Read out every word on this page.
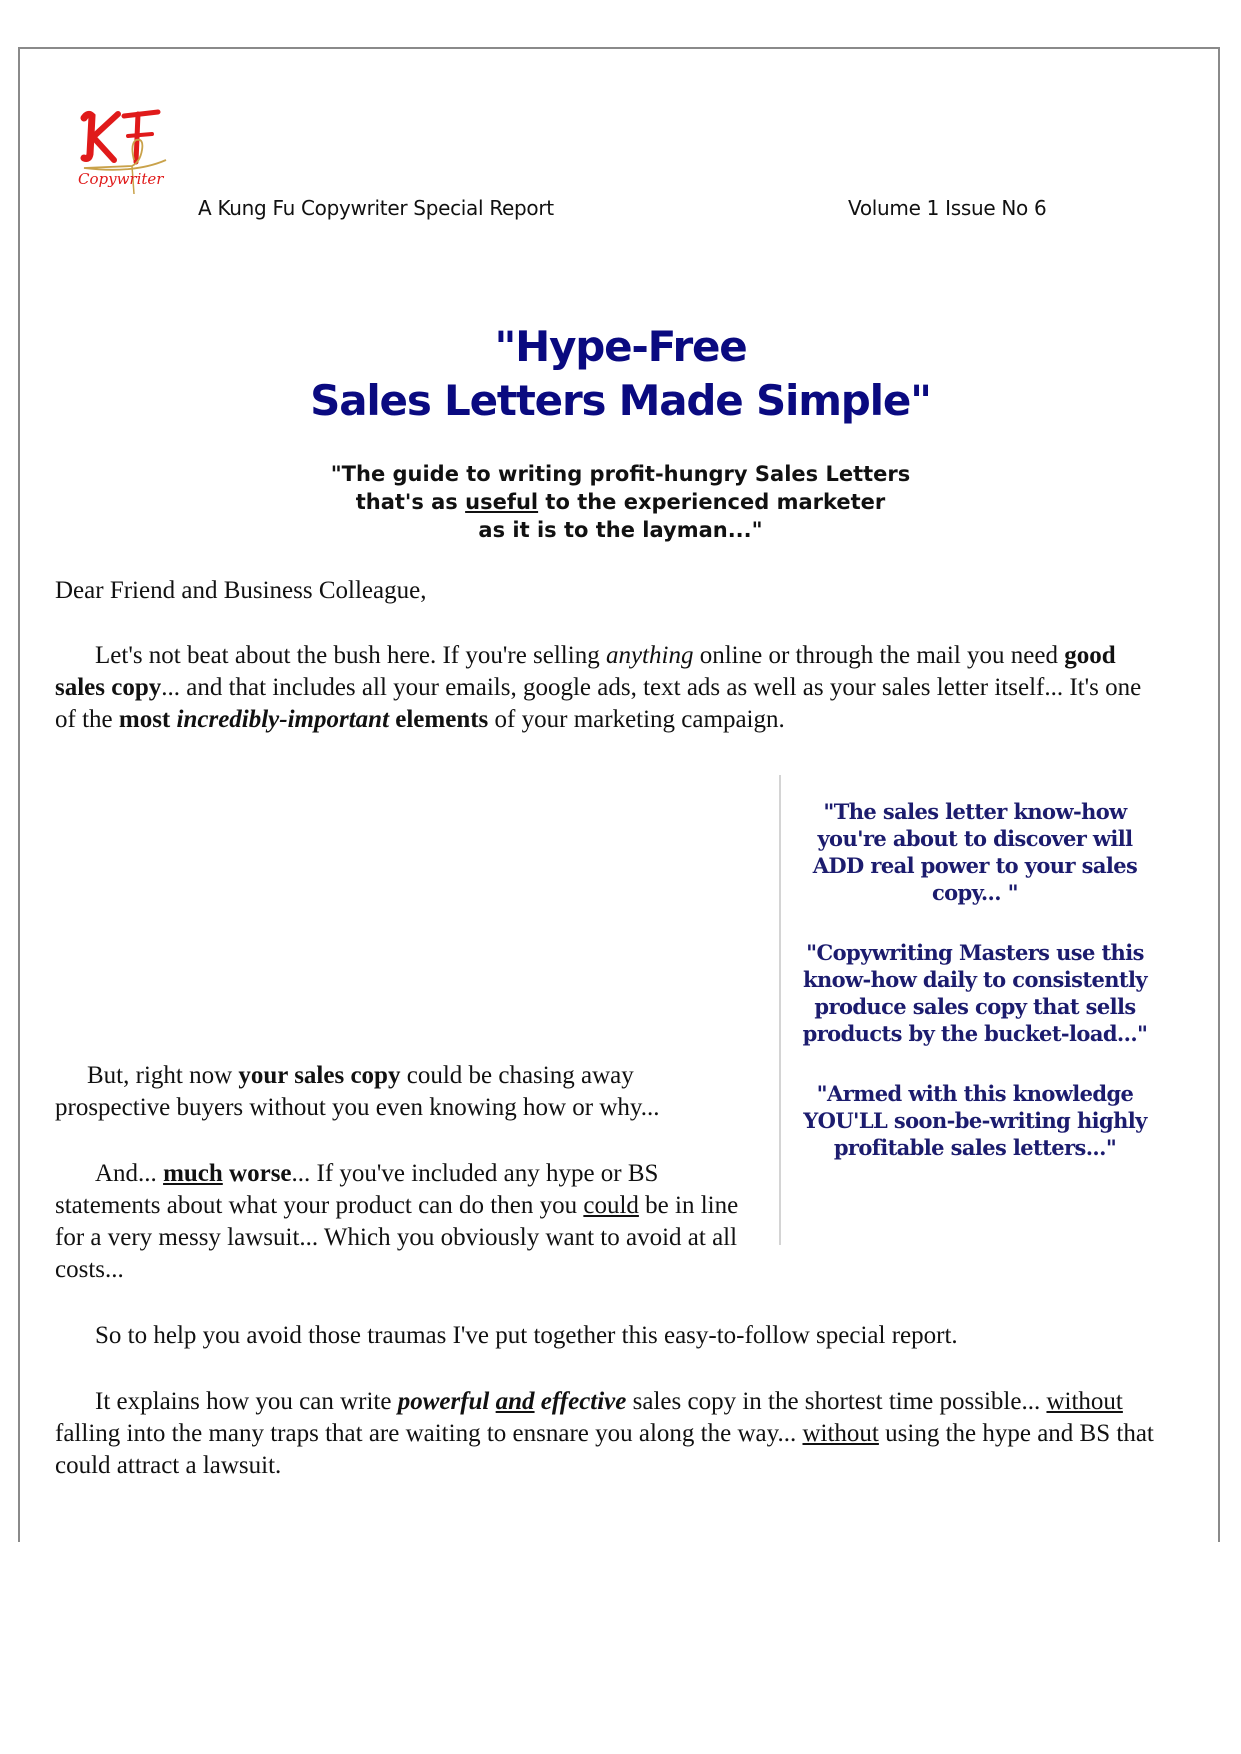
Copywriter
A Kung Fu Copywriter Special Report	Volume 1 Issue No 6
"Hype-Free
Sales Letters Made Simple"
"The guide to writing profit-hungry Sales Letters
that's as useful to the experienced marketer
as it is to the layman..."
Dear Friend and Business Colleague,

Let's not beat about the bush here. If you're selling anything online or through the mail you need good sales copy... and that includes all your emails, google ads, text ads as well as your sales letter itself... It's one of the most incredibly-important elements of your marketing campaign.

But, right now your sales copy could be chasing away prospective buyers without you even knowing how or why...

And... much worse... If you've included any hype or BS statements about what your product can do then you could be in line for a very messy lawsuit... Which you obviously want to avoid at all costs...

So to help you avoid those traumas I've put together this easy-to-follow special report.

It explains how you can write powerful and effective sales copy in the shortest time possible... without falling into the many traps that are waiting to ensnare you along the way... without using the hype and BS that could attract a lawsuit.

"The sales letter know-how you're about to discover will ADD real power to your sales copy... "

"Copywriting Masters use this know-how daily to consistently produce sales copy that sells products by the bucket-load..."

"Armed with this knowledge YOU'LL soon-be-writing highly profitable sales letters..."
